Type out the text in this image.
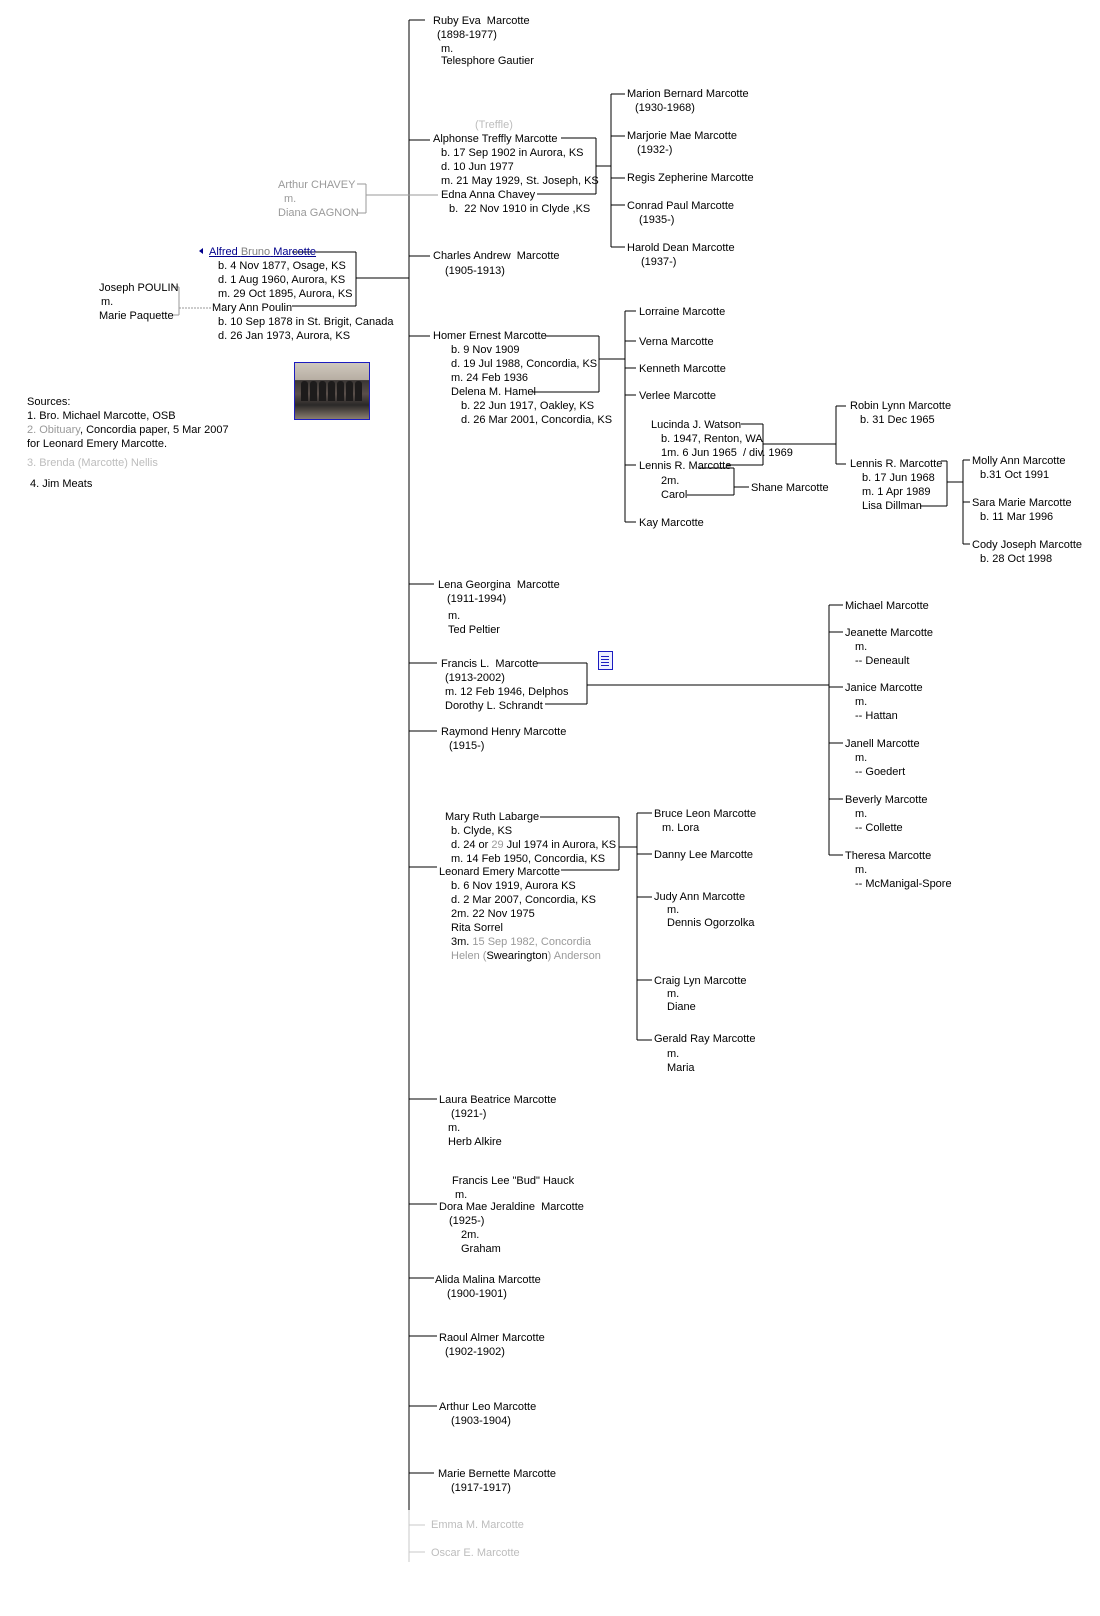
Sources:
1. Bro. Michael Marcotte, OSB
2. Obituary, Concordia paper, 5 Mar 2007
for Leonard Emery Marcotte.
3. Brenda (Marcotte) Nellis
4. Jim Meats
Alfred Bruno Marcotte
b. 4 Nov 1877, Osage, KS
d. 1 Aug 1960, Aurora, KS
m. 29 Oct 1895, Aurora, KS
Mary Ann Poulin
b. 10 Sep 1878 in St. Brigit, Canada
d. 26 Jan 1973, Aurora, KS
Joseph POULIN
m.
Marie Paquette

Ruby Eva  Marcotte
(1898-1977)
m.
Telesphore Gautier
(Treffle)
Alphonse Treffly Marcotte
b. 17 Sep 1902 in Aurora, KS
d. 10 Jun 1977
m. 21 May 1929, St. Joseph, KS
Edna Anna Chavey
b.  22 Nov 1910 in Clyde ,KS
Arthur CHAVEY
m.
Diana GAGNON
Marion Bernard Marcotte
(1930-1968)
Marjorie Mae Marcotte
(1932-)
Regis Zepherine Marcotte
Conrad Paul Marcotte
(1935-)
Harold Dean Marcotte
(1937-)
Charles Andrew  Marcotte
(1905-1913)
Homer Ernest Marcotte
b. 9 Nov 1909
d. 19 Jul 1988, Concordia, KS
m. 24 Feb 1936
Delena M. Hamel
b. 22 Jun 1917, Oakley, KS
d. 26 Mar 2001, Concordia, KS
Lorraine Marcotte
Verna Marcotte
Kenneth Marcotte
Verlee Marcotte
Kay Marcotte
Lucinda J. Watson
b. 1947, Renton, WA
1m. 6 Jun 1965  / div. 1969
Lennis R. Marcotte
2m.
Carol
Shane Marcotte
Robin Lynn Marcotte
b. 31 Dec 1965
Lennis R. Marcotte
b. 17 Jun 1968
m. 1 Apr 1989
Lisa Dillman
Molly Ann Marcotte
b.31 Oct 1991
Sara Marie Marcotte
b. 11 Mar 1996
Cody Joseph Marcotte
b. 28 Oct 1998
Lena Georgina  Marcotte
(1911-1994)
m.
Ted Peltier
Francis L.  Marcotte
(1913-2002)
m. 12 Feb 1946, Delphos
Dorothy L. Schrandt

Michael Marcotte
Jeanette Marcotte
m.
-- Deneault
Janice Marcotte
m.
-- Hattan
Janell Marcotte
m.
-- Goedert
Beverly Marcotte
m.
-- Collette
Theresa Marcotte
m.
-- McManigal-Spore
Raymond Henry Marcotte
(1915-)
Mary Ruth Labarge
b. Clyde, KS
d. 24 or 29 Jul 1974 in Aurora, KS
m. 14 Feb 1950, Concordia, KS
Leonard Emery Marcotte
b. 6 Nov 1919, Aurora KS
d. 2 Mar 2007, Concordia, KS
2m. 22 Nov 1975
Rita Sorrel
3m. 15 Sep 1982, Concordia
Helen (Swearington) Anderson
Bruce Leon Marcotte
m. Lora
Danny Lee Marcotte
Judy Ann Marcotte
m.
Dennis Ogorzolka
Craig Lyn Marcotte
m.
Diane
Gerald Ray Marcotte
m.
Maria
Laura Beatrice Marcotte
(1921-)
m.
Herb Alkire
Francis Lee "Bud" Hauck
m.
Dora Mae Jeraldine  Marcotte
(1925-)
2m.
Graham
Alida Malina Marcotte
(1900-1901)
Raoul Almer Marcotte
(1902-1902)
Arthur Leo Marcotte
(1903-1904)
Marie Bernette Marcotte
(1917-1917)
Emma M. Marcotte
Oscar E. Marcotte
